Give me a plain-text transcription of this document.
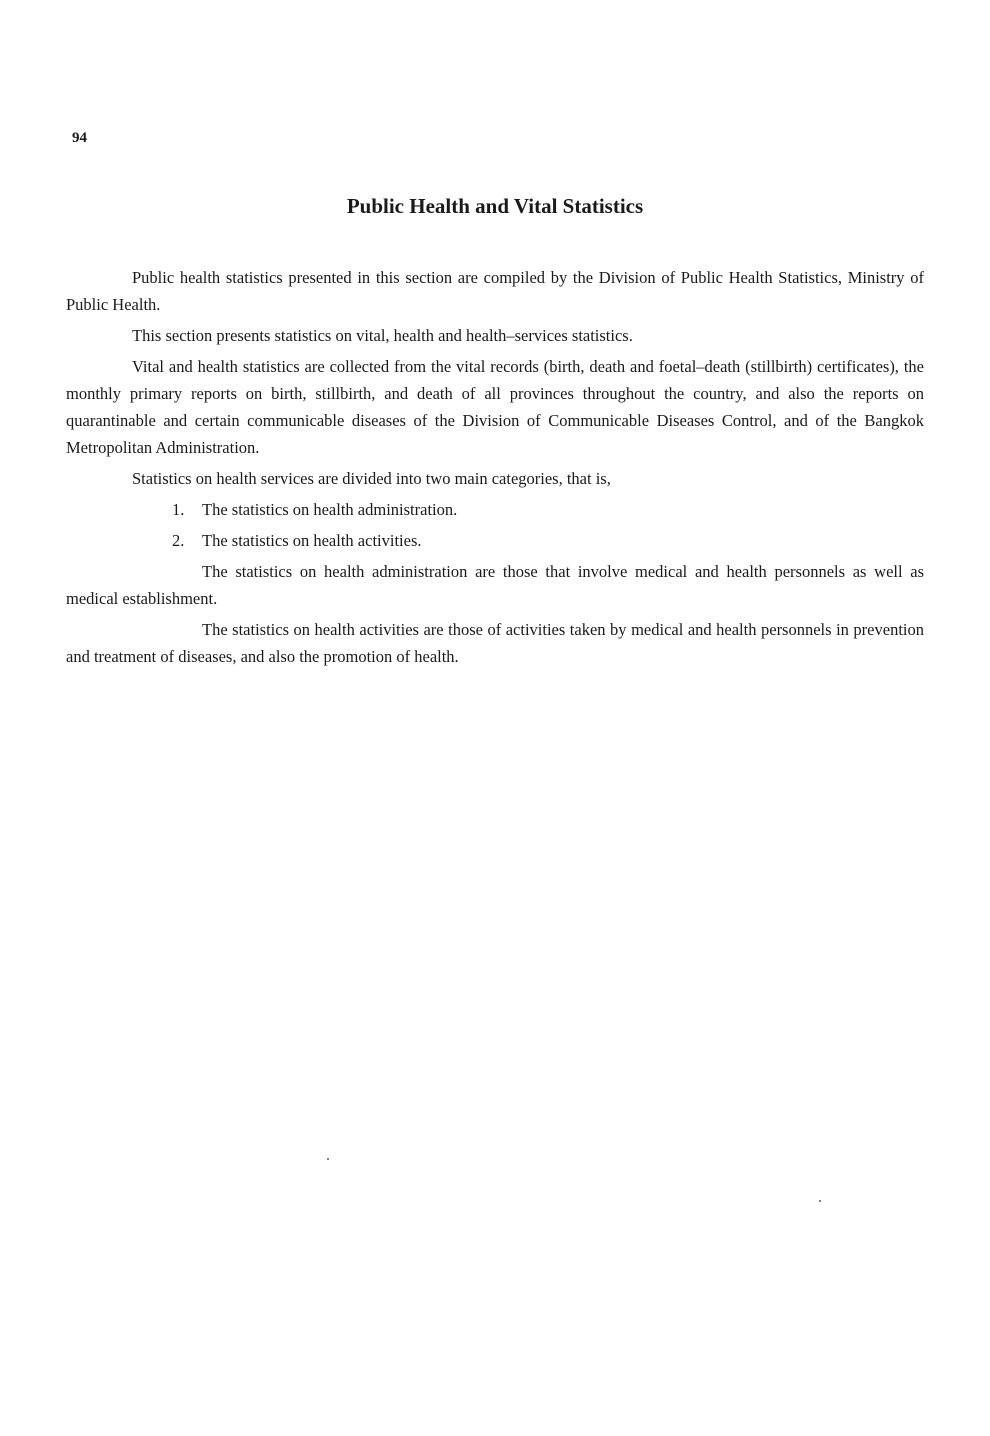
94
Public Health and Vital Statistics

Public health statistics presented in this section are compiled by the Division of Public Health Statistics, Ministry of Public Health.

This section presents statistics on vital, health and health–services statistics.

Vital and health statistics are collected from the vital records (birth, death and foetal–death (stillbirth) certificates), the monthly primary reports on birth, stillbirth, and death of all provinces throughout the country, and also the reports on quarantinable and certain communicable diseases of the Division of Communicable Diseases Control, and of the Bangkok Metropolitan Administration.

Statistics on health services are divided into two main categories, that is,

1. The statistics on health administration.
2. The statistics on health activities.

The statistics on health administration are those that involve medical and health personnels as well as medical establishment.

The statistics on health activities are those of activities taken by medical and health personnels in prevention and treatment of diseases, and also the promotion of health.
